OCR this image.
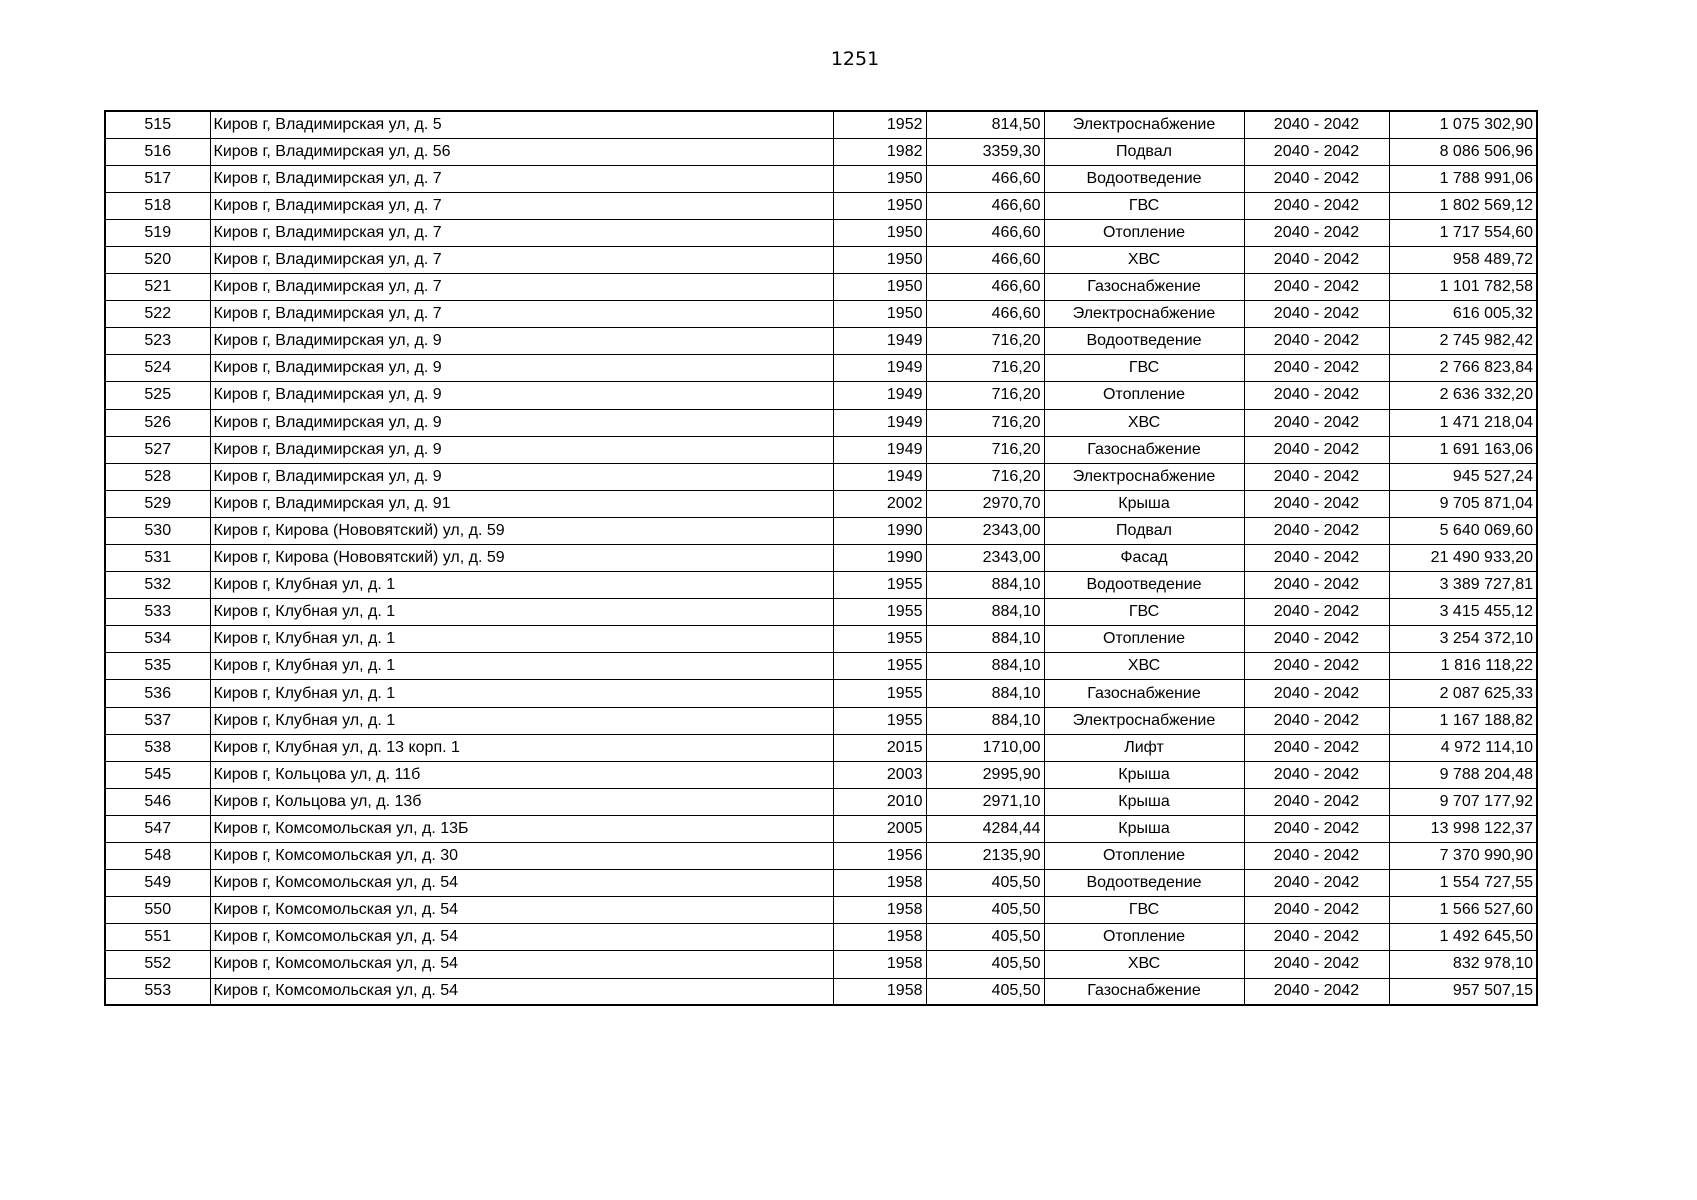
1251
515	Киров г, Владимирская ул, д. 5	1952	814,50	Электроснабжение	2040 - 2042	1 075 302,90
516	Киров г, Владимирская ул, д. 56	1982	3359,30	Подвал	2040 - 2042	8 086 506,96
517	Киров г, Владимирская ул, д. 7	1950	466,60	Водоотведение	2040 - 2042	1 788 991,06
518	Киров г, Владимирская ул, д. 7	1950	466,60	ГВС	2040 - 2042	1 802 569,12
519	Киров г, Владимирская ул, д. 7	1950	466,60	Отопление	2040 - 2042	1 717 554,60
520	Киров г, Владимирская ул, д. 7	1950	466,60	ХВС	2040 - 2042	958 489,72
521	Киров г, Владимирская ул, д. 7	1950	466,60	Газоснабжение	2040 - 2042	1 101 782,58
522	Киров г, Владимирская ул, д. 7	1950	466,60	Электроснабжение	2040 - 2042	616 005,32
523	Киров г, Владимирская ул, д. 9	1949	716,20	Водоотведение	2040 - 2042	2 745 982,42
524	Киров г, Владимирская ул, д. 9	1949	716,20	ГВС	2040 - 2042	2 766 823,84
525	Киров г, Владимирская ул, д. 9	1949	716,20	Отопление	2040 - 2042	2 636 332,20
526	Киров г, Владимирская ул, д. 9	1949	716,20	ХВС	2040 - 2042	1 471 218,04
527	Киров г, Владимирская ул, д. 9	1949	716,20	Газоснабжение	2040 - 2042	1 691 163,06
528	Киров г, Владимирская ул, д. 9	1949	716,20	Электроснабжение	2040 - 2042	945 527,24
529	Киров г, Владимирская ул, д. 91	2002	2970,70	Крыша	2040 - 2042	9 705 871,04
530	Киров г, Кирова (Нововятский) ул, д. 59	1990	2343,00	Подвал	2040 - 2042	5 640 069,60
531	Киров г, Кирова (Нововятский) ул, д. 59	1990	2343,00	Фасад	2040 - 2042	21 490 933,20
532	Киров г, Клубная ул, д. 1	1955	884,10	Водоотведение	2040 - 2042	3 389 727,81
533	Киров г, Клубная ул, д. 1	1955	884,10	ГВС	2040 - 2042	3 415 455,12
534	Киров г, Клубная ул, д. 1	1955	884,10	Отопление	2040 - 2042	3 254 372,10
535	Киров г, Клубная ул, д. 1	1955	884,10	ХВС	2040 - 2042	1 816 118,22
536	Киров г, Клубная ул, д. 1	1955	884,10	Газоснабжение	2040 - 2042	2 087 625,33
537	Киров г, Клубная ул, д. 1	1955	884,10	Электроснабжение	2040 - 2042	1 167 188,82
538	Киров г, Клубная ул, д. 13 корп. 1	2015	1710,00	Лифт	2040 - 2042	4 972 114,10
545	Киров г, Кольцова ул, д. 11б	2003	2995,90	Крыша	2040 - 2042	9 788 204,48
546	Киров г, Кольцова ул, д. 13б	2010	2971,10	Крыша	2040 - 2042	9 707 177,92
547	Киров г, Комсомольская ул, д. 13Б	2005	4284,44	Крыша	2040 - 2042	13 998 122,37
548	Киров г, Комсомольская ул, д. 30	1956	2135,90	Отопление	2040 - 2042	7 370 990,90
549	Киров г, Комсомольская ул, д. 54	1958	405,50	Водоотведение	2040 - 2042	1 554 727,55
550	Киров г, Комсомольская ул, д. 54	1958	405,50	ГВС	2040 - 2042	1 566 527,60
551	Киров г, Комсомольская ул, д. 54	1958	405,50	Отопление	2040 - 2042	1 492 645,50
552	Киров г, Комсомольская ул, д. 54	1958	405,50	ХВС	2040 - 2042	832 978,10
553	Киров г, Комсомольская ул, д. 54	1958	405,50	Газоснабжение	2040 - 2042	957 507,15
